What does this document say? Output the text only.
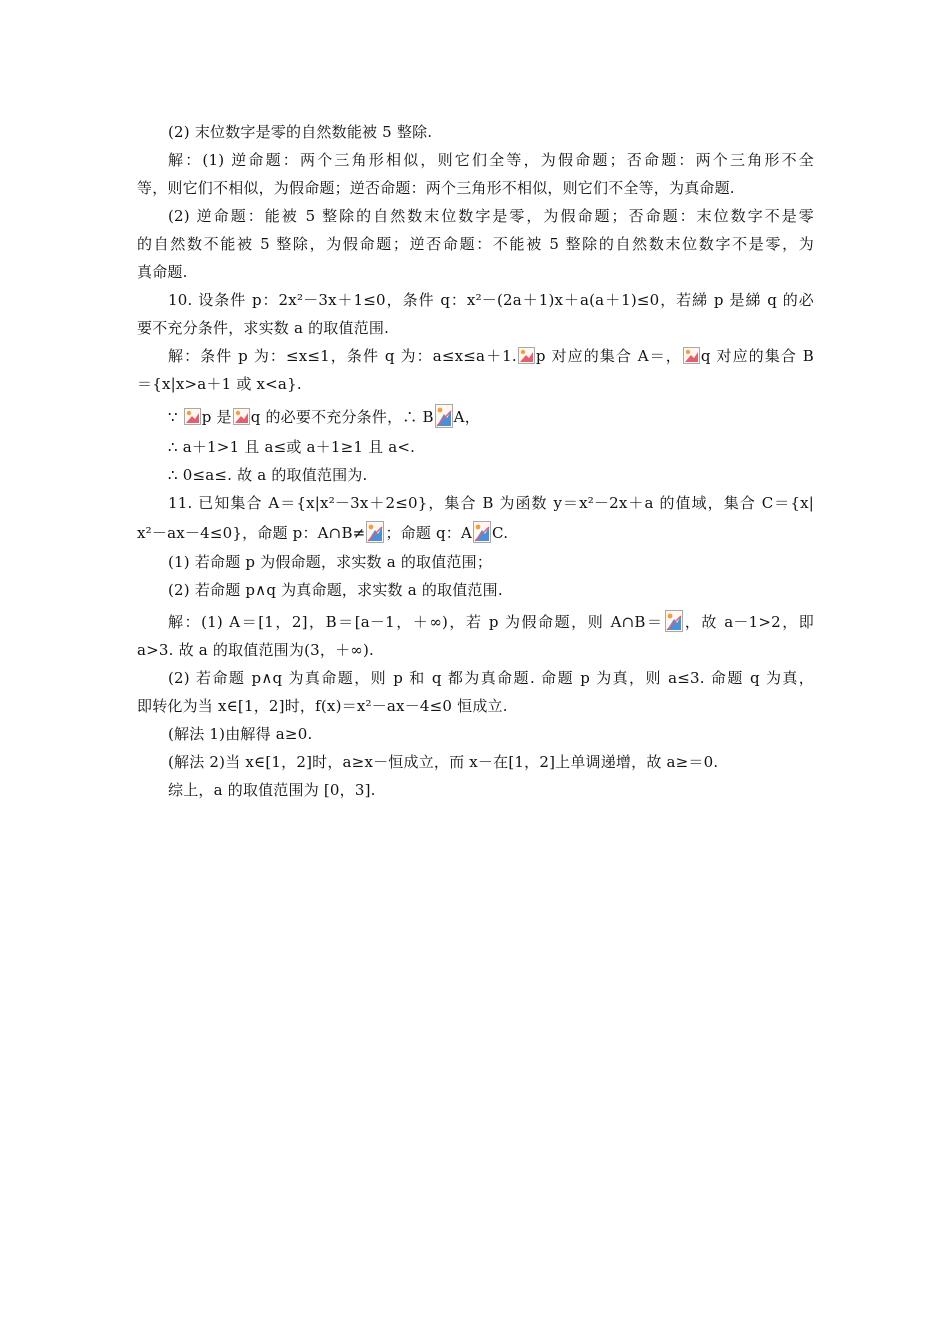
(2) 末位数字是零的自然数能被 5 整除.
解：(1) 逆命题：两个三角形相似，则它们全等，为假命题；否命题：两个三角形不全
等，则它们不相似，为假命题；逆否命题：两个三角形不相似，则它们不全等，为真命题.
(2) 逆命题：能被 5 整除的自然数末位数字是零，为假命题；否命题：末位数字不是零
的自然数不能被 5 整除，为假命题；逆否命题：不能被 5 整除的自然数末位数字不是零，为
真命题.
10. 设条件 p：2x²－3x＋1≤0，条件 q：x²－(2a＋1)x＋a(a＋1)≤0，若綈 p 是綈 q 的必
要不充分条件，求实数 a 的取值范围.
解：条件 p 为：≤x≤1，条件 q 为：a≤x≤a＋1. p 对应的集合 A＝， q 对应的集合 B
＝{x|x>a＋1 或 x<a}.
∵
p 是 q 的必要不充分条件，∴ B A，
∴ a＋1>1 且 a≤或 a＋1≥1 且 a<.
∴ 0≤a≤. 故 a 的取值范围为.
11. 已知集合 A＝{x|x²－3x＋2≤0}，集合 B 为函数 y＝x²－2x＋a 的值域，集合 C＝{x|
x²－ax－4≤0}，命题 p：A∩B≠ ；命题 q：A C.
(1) 若命题 p 为假命题，求实数 a 的取值范围；
(2) 若命题 p∧q 为真命题，求实数 a 的取值范围.
解：(1) A＝[1，2]，B＝[a－1，＋∞)，若 p 为假命题，则 A∩B＝ ，故 a－1>2，即
a>3. 故 a 的取值范围为(3，＋∞).
(2) 若命题 p∧q 为真命题，则 p 和 q 都为真命题. 命题 p 为真，则 a≤3. 命题 q 为真，
即转化为当 x∈[1，2]时，f(x)＝x²－ax－4≤0 恒成立.
(解法 1)由解得 a≥0.
(解法 2)当 x∈[1，2]时，a≥x－恒成立，而 x－在[1，2]上单调递增，故 a≥＝0.
综上，a 的取值范围为 [0，3].
